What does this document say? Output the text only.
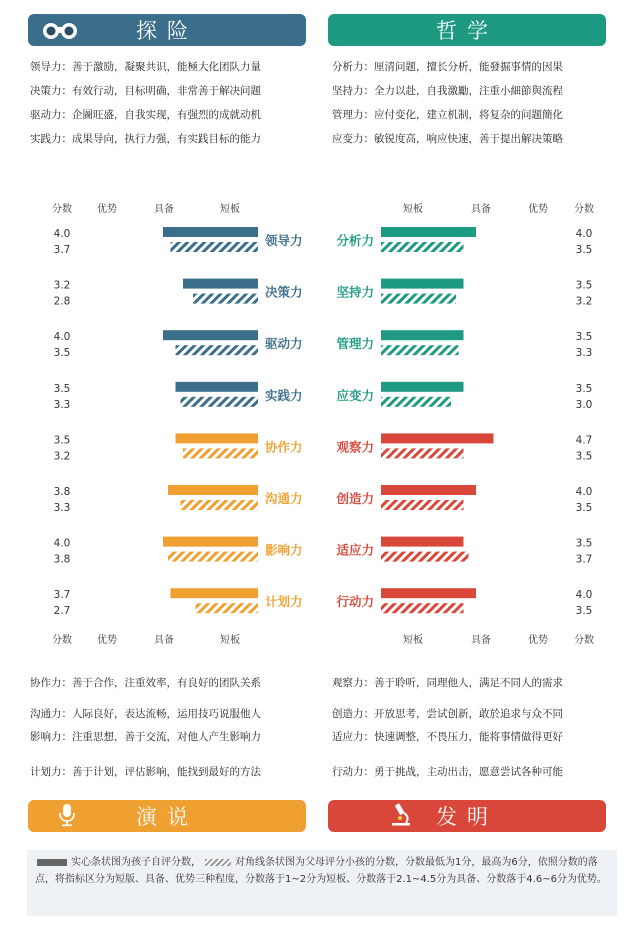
探险	哲学
领导力：善于激励，凝聚共识，能極大化团队力量
决策力：有效行动，目标明确，非常善于解决问题
驱动力：企圖旺盛，自我实现，有强烈的成就动机
实践力：成果导向，执行力强，有实践目标的能力
分析力：厘清问题，擅长分析，能發掘事情的因果
坚持力：全力以赴，自我激勵，注重小細節與流程
管理力：应付变化，建立机制，将复杂的问题簡化
应变力：敏锐度高，响应快速，善于提出解决策略
分数	优势	具备	短板	短板	具备	优势	分数
分数	优势	具备	短板	短板	具备	优势	分数
4.0
3.7
领导力
3.2
2.8
决策力
4.0
3.5
驱动力
3.5
3.3
实践力
3.5
3.2
协作力
3.8
3.3
沟通力
4.0
3.8
影响力
3.7
2.7
计划力
4.0
3.5
分析力
3.5
3.2
坚持力
3.5
3.3
管理力
3.5
3.0
应变力
4.7
3.5
观察力
4.0
3.5
创造力
3.5
3.7
适应力
4.0
3.5
行动力
协作力：善于合作，注重效率，有良好的团队关系
沟通力：人际良好，表达流畅，运用技巧说服他人
影响力：注重思想，善于交流，对他人产生影响力
计划力：善于计划，评估影响，能找到最好的方法
观察力：善于聆听，同理他人，满足不同人的需求
创造力：开放思考，尝试创新，敢於追求与众不同
适应力：快速调整，不畏压力，能将事情做得更好
行动力：勇于挑战，主动出击，愿意尝试各种可能
演说	发明
实心条状图为孩子自评分数，	对角线条状图为父母评分小孩的分数，分数最低为1分，最高为6分，依照分数的落点，将指标区分为短版、具备、优势三种程度，分数落于1~2分为短板、分数落于2.1~4.5分为具备、分数落于4.6~6分为优势。
